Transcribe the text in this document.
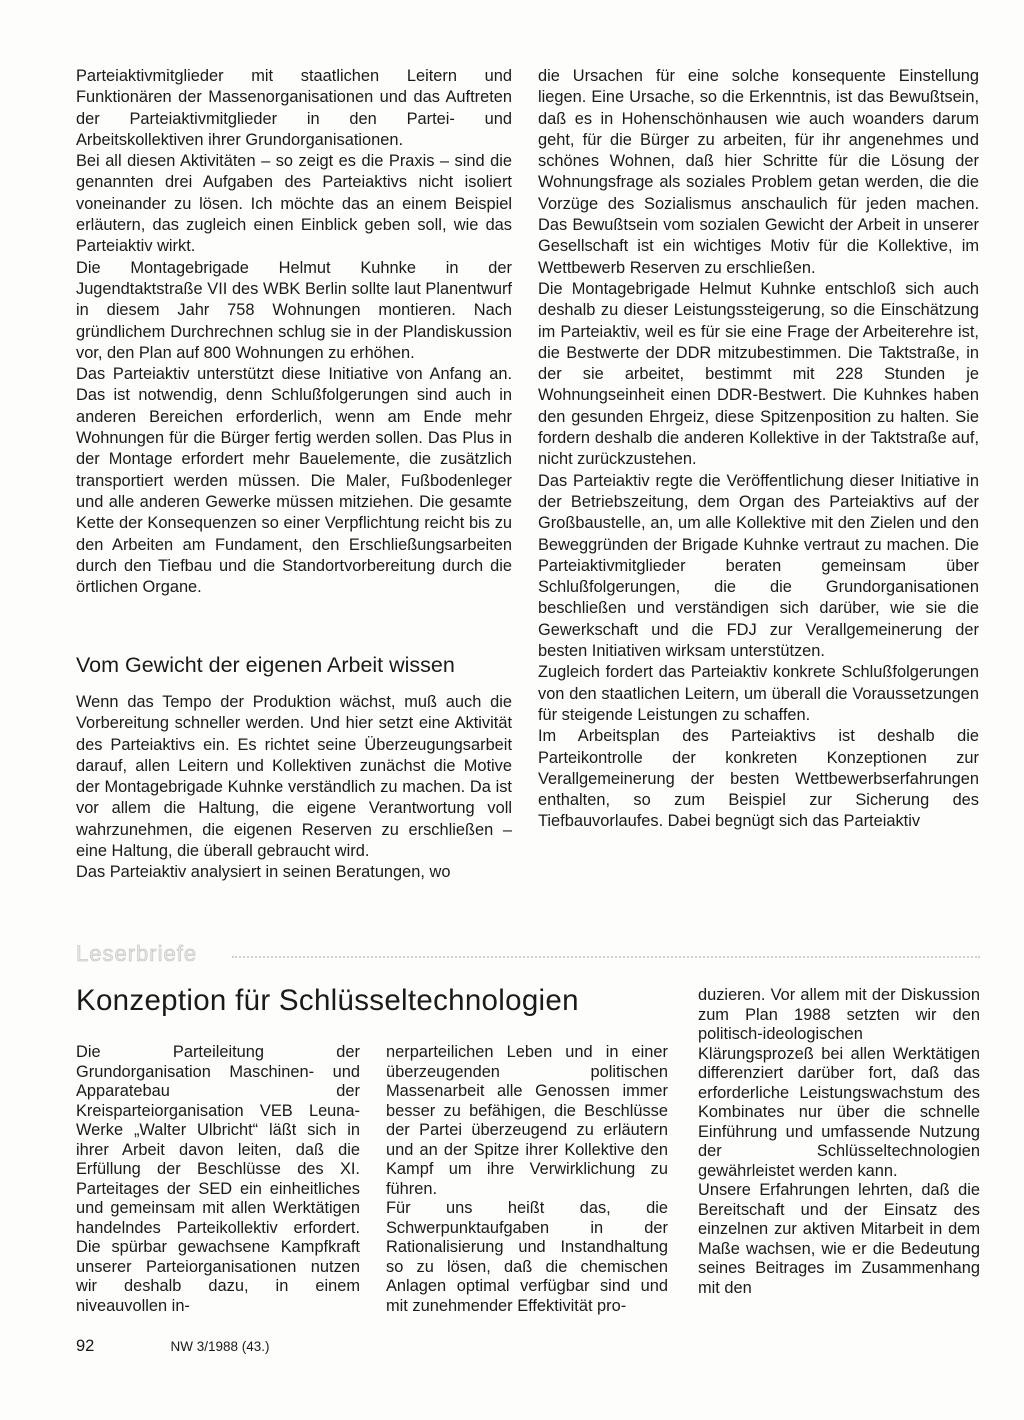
Parteiaktivmitglieder mit staatlichen Leitern und Funktionären der Massenorganisationen und das Auftreten der Parteiaktivmitglieder in den Partei- und Arbeitskollektiven ihrer Grundorganisationen.

Bei all diesen Aktivitäten – so zeigt es die Praxis – sind die genannten drei Aufgaben des Parteiaktivs nicht isoliert voneinander zu lösen. Ich möchte das an einem Beispiel erläutern, das zugleich einen Einblick geben soll, wie das Parteiaktiv wirkt.

Die Montagebrigade Helmut Kuhnke in der Jugendtaktstraße VII des WBK Berlin sollte laut Planentwurf in diesem Jahr 758 Wohnungen montieren. Nach gründlichem Durchrechnen schlug sie in der Plandiskussion vor, den Plan auf 800 Wohnungen zu erhöhen.

Das Parteiaktiv unterstützt diese Initiative von Anfang an. Das ist notwendig, denn Schlußfolgerungen sind auch in anderen Bereichen erforderlich, wenn am Ende mehr Wohnungen für die Bürger fertig werden sollen. Das Plus in der Montage erfordert mehr Bauelemente, die zusätzlich transportiert werden müssen. Die Maler, Fußbodenleger und alle anderen Gewerke müssen mitziehen. Die gesamte Kette der Konsequenzen so einer Verpflichtung reicht bis zu den Arbeiten am Fundament, den Erschließungsarbeiten durch den Tiefbau und die Standortvorbereitung durch die örtlichen Organe.

Vom Gewicht der eigenen Arbeit wissen

Wenn das Tempo der Produktion wächst, muß auch die Vorbereitung schneller werden. Und hier setzt eine Aktivität des Parteiaktivs ein. Es richtet seine Überzeugungsarbeit darauf, allen Leitern und Kollektiven zunächst die Motive der Montagebrigade Kuhnke verständlich zu machen. Da ist vor allem die Haltung, die eigene Verantwortung voll wahrzunehmen, die eigenen Reserven zu erschließen – eine Haltung, die überall gebraucht wird.

Das Parteiaktiv analysiert in seinen Beratungen, wo

die Ursachen für eine solche konsequente Einstellung liegen. Eine Ursache, so die Erkenntnis, ist das Bewußtsein, daß es in Hohenschönhausen wie auch woanders darum geht, für die Bürger zu arbeiten, für ihr angenehmes und schönes Wohnen, daß hier Schritte für die Lösung der Wohnungsfrage als soziales Problem getan werden, die die Vorzüge des Sozialismus anschaulich für jeden machen. Das Bewußtsein vom sozialen Gewicht der Arbeit in unserer Gesellschaft ist ein wichtiges Motiv für die Kollektive, im Wettbewerb Reserven zu erschließen.

Die Montagebrigade Helmut Kuhnke entschloß sich auch deshalb zu dieser Leistungssteigerung, so die Einschätzung im Parteiaktiv, weil es für sie eine Frage der Arbeiterehre ist, die Bestwerte der DDR mitzubestimmen. Die Taktstraße, in der sie arbeitet, bestimmt mit 228 Stunden je Wohnungseinheit einen DDR-Bestwert. Die Kuhnkes haben den gesunden Ehrgeiz, diese Spitzenposition zu halten. Sie fordern deshalb die anderen Kollektive in der Taktstraße auf, nicht zurückzustehen.

Das Parteiaktiv regte die Veröffentlichung dieser Initiative in der Betriebszeitung, dem Organ des Parteiaktivs auf der Großbaustelle, an, um alle Kollektive mit den Zielen und den Beweggründen der Brigade Kuhnke vertraut zu machen. Die Parteiaktivmitglieder beraten gemeinsam über Schlußfolgerungen, die die Grundorganisationen beschließen und verständigen sich darüber, wie sie die Gewerkschaft und die FDJ zur Verallgemeinerung der besten Initiativen wirksam unterstützen.

Zugleich fordert das Parteiaktiv konkrete Schlußfolgerungen von den staatlichen Leitern, um überall die Voraussetzungen für steigende Leistungen zu schaffen.

Im Arbeitsplan des Parteiaktivs ist deshalb die Parteikontrolle der konkreten Konzeptionen zur Verallgemeinerung der besten Wettbewerbserfahrungen enthalten, so zum Beispiel zur Sicherung des Tiefbauvorlaufes. Dabei begnügt sich das Parteiaktiv

Leserbriefe
Konzeption für Schlüsseltechnologien

Die Parteileitung der Grundorganisation Maschinen- und Apparatebau der Kreisparteiorganisation VEB Leuna-Werke „Walter Ulbricht“ läßt sich in ihrer Arbeit davon leiten, daß die Erfüllung der Beschlüsse des XI. Parteitages der SED ein einheitliches und gemeinsam mit allen Werktätigen handelndes Parteikollektiv erfordert. Die spürbar gewachsene Kampfkraft unserer Parteiorganisationen nutzen wir deshalb dazu, in einem niveauvollen in-

nerparteilichen Leben und in einer überzeugenden politischen Massenarbeit alle Genossen immer besser zu befähigen, die Beschlüsse der Partei überzeugend zu erläutern und an der Spitze ihrer Kollektive den Kampf um ihre Verwirklichung zu führen.

Für uns heißt das, die Schwerpunktaufgaben in der Rationalisierung und Instandhaltung so zu lösen, daß die chemischen Anlagen optimal verfügbar sind und mit zunehmender Effektivität pro-

duzieren. Vor allem mit der Diskussion zum Plan 1988 setzten wir den politisch-ideologischen Klärungsprozeß bei allen Werktätigen differenziert darüber fort, daß das erforderliche Leistungswachstum des Kombinates nur über die schnelle Einführung und umfassende Nutzung der Schlüsseltechnologien gewährleistet werden kann.

Unsere Erfahrungen lehrten, daß die Bereitschaft und der Einsatz des einzelnen zur aktiven Mitarbeit in dem Maße wachsen, wie er die Bedeutung seines Beitrages im Zusammenhang mit den

92	NW 3/1988 (43.)
